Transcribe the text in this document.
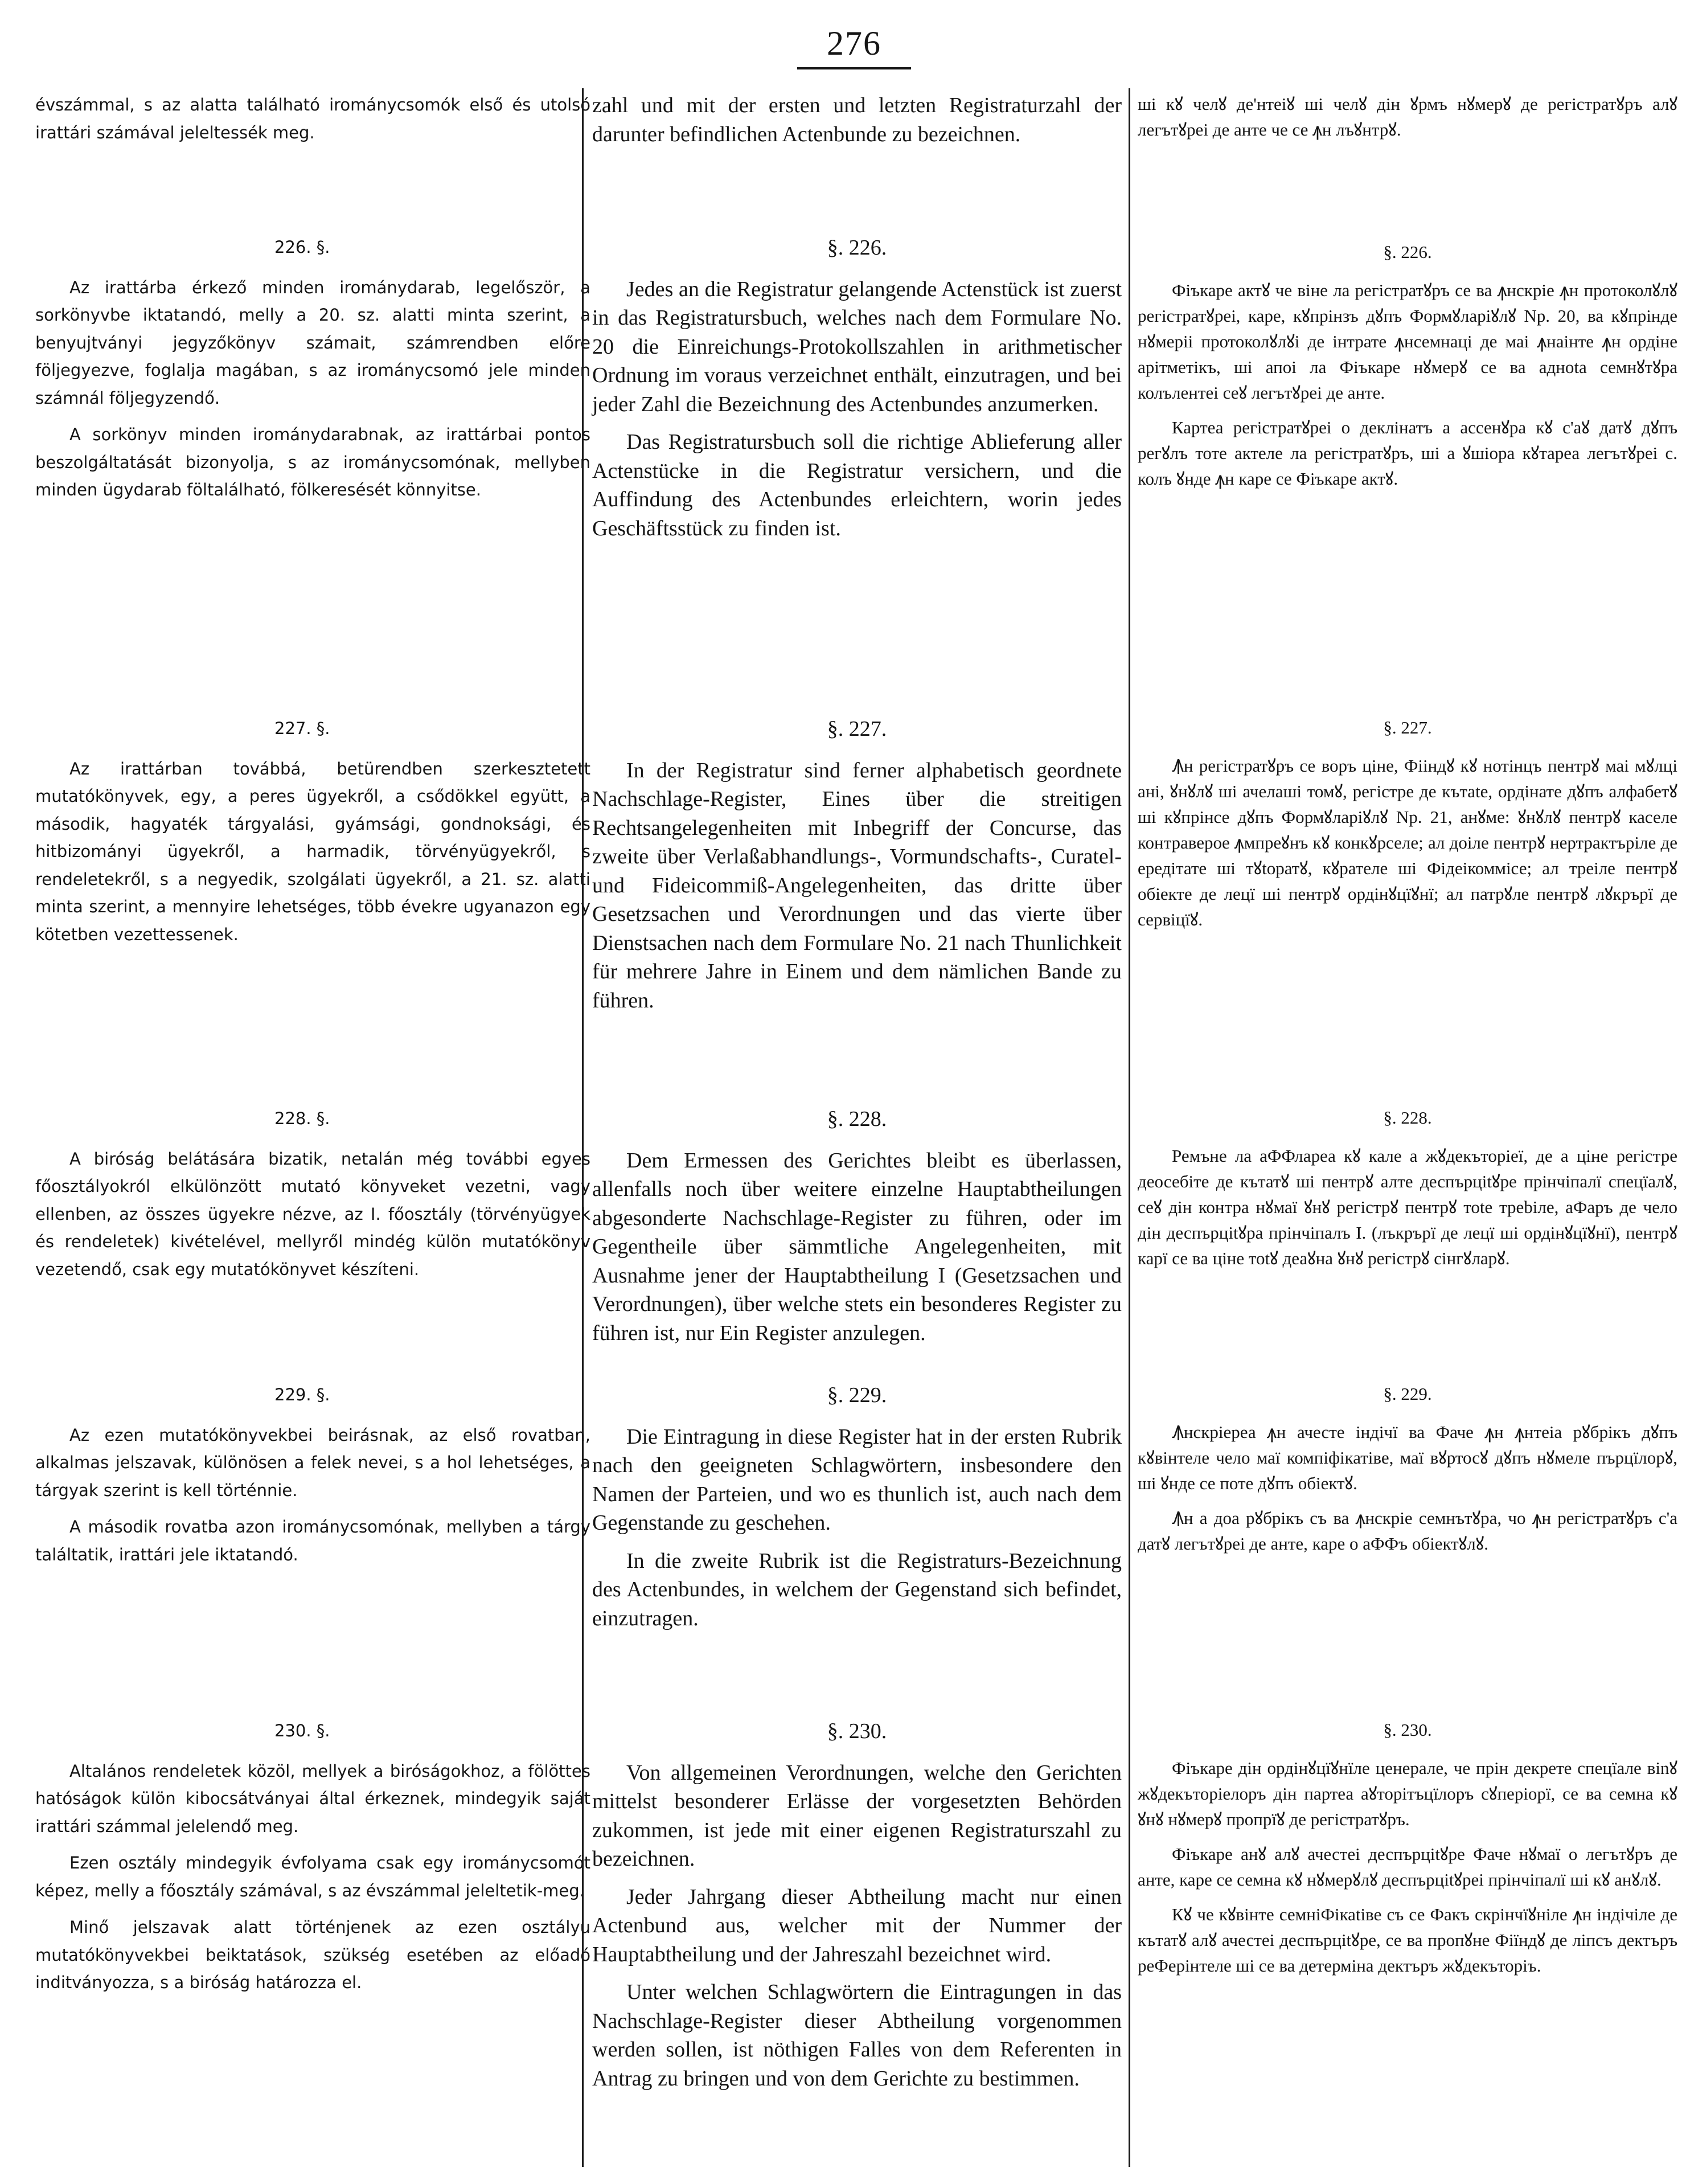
276

évszámmal, s az alatta található irománycsomók első és utolsó irattári számával jeleltessék meg.

226. §.

Az irattárba érkező minden irománydarab, legelőször, a sorkönyvbe iktatandó, melly a 20. sz. alatti minta szerint, a benyujtványi jegyzőkönyv számait, számrendben előre följegyezve, foglalja magában, s az irománycsomó jele minden számnál följegyzendő.

A sorkönyv minden irománydarabnak, az irattárbai pontos beszolgáltatását bizonyolja, s az irománycsomónak, mellyben minden ügydarab föltalálható, fölkeresését könnyitse.

227. §.

Az irattárban továbbá, betürendben szerkesztetett mutatókönyvek, egy, a peres ügyekről, a csődökkel együtt, a második, hagyaték tárgyalási, gyámsági, gondnoksági, és hitbizományi ügyekről, a harmadik, törvényügyekről, s rendeletekről, s a negyedik, szolgálati ügyekről, a 21. sz. alatti minta szerint, a mennyire lehetséges, több évekre ugyanazon egy kötetben vezettessenek.

228. §.

A biróság belátására bizatik, netalán még további egyes főosztályokról elkülönzött mutató könyveket vezetni, vagy ellenben, az összes ügyekre nézve, az I. főosztály (törvényügyek és rendeletek) kivételével, mellyről mindég külön mutatókönyv vezetendő, csak egy mutatókönyvet készíteni.

229. §.

Az ezen mutatókönyvekbei beirásnak, az első rovatban, alkalmas jelszavak, különösen a felek nevei, s a hol lehetséges, a tárgyak szerint is kell történnie.

A második rovatba azon irománycsomónak, mellyben a tárgy találtatik, irattári jele iktatandó.

230. §.

Altalános rendeletek közöl, mellyek a biróságokhoz, a fölöttes hatóságok külön kibocsátványai által érkeznek, mindegyik saját irattári számmal jelelendő meg.

Ezen osztály mindegyik évfolyama csak egy irománycsomót képez, melly a főosztály számával, s az évszámmal jeleltetik-meg.

Minő jelszavak alatt történjenek az ezen osztályu mutatókönyvekbei beiktatások, szükség esetében az előadó inditványozza, s a biróság határozza el.

zahl und mit der ersten und letzten Registraturzahl der darunter befindlichen Actenbunde zu bezeichnen.

§. 226.

Jedes an die Registratur gelangende Actenstück ist zuerst in das Registratursbuch, welches nach dem Formulare No. 20 die Einreichungs-Protokollszahlen in arithmetischer Ordnung im voraus verzeichnet enthält, einzutragen, und bei jeder Zahl die Bezeichnung des Actenbundes anzumerken.

Das Registratursbuch soll die richtige Ablieferung aller Actenstücke in die Registratur versichern, und die Auffindung des Actenbundes erleichtern, worin jedes Geschäftsstück zu finden ist.

§. 227.

In der Registratur sind ferner alphabetisch geordnete Nachschlage-Register, Eines über die streitigen Rechtsangelegenheiten mit Inbegriff der Concurse, das zweite über Verlaßabhandlungs-, Vormundschafts-, Curatel- und Fideicommiß-Angelegenheiten, das dritte über Gesetzsachen und Verordnungen und das vierte über Dienstsachen nach dem Formulare No. 21 nach Thunlichkeit für mehrere Jahre in Einem und dem nämlichen Bande zu führen.

§. 228.

Dem Ermessen des Gerichtes bleibt es überlassen, allenfalls noch über weitere einzelne Hauptabtheilungen abgesonderte Nachschlage-Register zu führen, oder im Gegentheile über sämmtliche Angelegenheiten, mit Ausnahme jener der Hauptabtheilung I (Gesetzsachen und Verordnungen), über welche stets ein besonderes Register zu führen ist, nur Ein Register anzulegen.

§. 229.

Die Eintragung in diese Register hat in der ersten Rubrik nach den geeigneten Schlagwörtern, insbesondere den Namen der Parteien, und wo es thunlich ist, auch nach dem Gegenstande zu geschehen.

In die zweite Rubrik ist die Registraturs-Bezeichnung des Actenbundes, in welchem der Gegenstand sich befindet, einzutragen.

§. 230.

Von allgemeinen Verordnungen, welche den Gerichten mittelst besonderer Erlässe der vorgesetzten Behörden zukommen, ist jede mit einer eigenen Registraturszahl zu bezeichnen.

Jeder Jahrgang dieser Abtheilung macht nur einen Actenbund aus, welcher mit der Nummer der Hauptabtheilung und der Jahreszahl bezeichnet wird.

Unter welchen Schlagwörtern die Eintragungen in das Nachschlage-Register dieser Abtheilung vorgenommen werden sollen, ist nöthigen Falles von dem Referenten in Antrag zu bringen und von dem Gerichte zu bestimmen.

ші кꙋ челꙋ де'нтеіꙋ ші челꙋ дін ꙋрмъ нꙋмерꙋ де регістратꙋръ алꙋ легътꙋреі де анте че се ꙟн лъꙋнтрꙋ.

§. 226.

Фіъкаре актꙋ че віне ла регістратꙋръ се ва ꙟнскріе ꙟн протоколꙋлꙋ регістратꙋреі, каре, кꙋпрінзъ дꙋпъ Формꙋларіꙋлꙋ Nр. 20, ва кꙋпрінде нꙋмеріі протоколꙋлꙋі де інтрате ꙟнсемнаці де маі ꙟнаінте ꙟн ордіне арітметікъ, ші апоі ла Фіъкаре нꙋмерꙋ се ва адноtа семнꙋтꙋра колълентеі сеꙋ легътꙋреі де анте.

Картеа регістратꙋреі о деклінатъ а ассенꙋра кꙋ с'аꙋ датꙋ дꙋпъ регꙋлъ тоте актеле ла регістратꙋръ, ші а ꙋшіора кꙋтареа легътꙋреі с. колъ ꙋнде ꙟн каре се Фіъкаре актꙋ.

§. 227.

Ꙟн регістратꙋръ се воръ ціне, Фііндꙋ кꙋ нотінцъ пентрꙋ маі мꙋлці ані, ꙋнꙋлꙋ ші ачелаші томꙋ, регістре де кътаtе, ордінате дꙋпъ алфабетꙋ ші кꙋпрінсе дꙋпъ Формꙋларіꙋлꙋ Nр. 21, анꙋме: ꙋнꙋлꙋ пентрꙋ каселе контравероe ꙟмпреꙋнъ кꙋ конкꙋрселе; ал доіле пентрꙋ нертрактъріле де ередітате ші тꙋtоратꙋ, кꙋрателе ші Фідеікоммісе; ал треіле пентрꙋ обіектe де лецї ші пентрꙋ ордінꙋцїꙋнї; ал патрꙋле пентрꙋ лꙋкрърї де сервіцїꙋ.

§. 228.

Ремъне ла аФФлареа кꙋ кале а жꙋдекъторіеї, де а ціне регістре деосебіте де кътатꙋ ші пентрꙋ алте деспърціtꙋре прінчіпалї спецїалꙋ, сеꙋ дін контра нꙋмаї ꙋнꙋ регістрꙋ пентрꙋ тоtе треbіле, аФаръ де чело дін деспърціtꙋра прінчіпалъ I. (лъкрърї де лецї ші ордінꙋцїꙋнї), пентрꙋ карї се ва ціне тоtꙋ деаꙋна ꙋнꙋ регістрꙋ сінгꙋларꙋ.

§. 229.

Ꙟнскріереа ꙟн ачесте індічї ва Фаче ꙟн ꙟнтеіа рꙋбрікъ дꙋпъ кꙋвінтеле чело маї компіфікатіве, маї вꙋртосꙋ дꙋпъ нꙋмеле пърцїлорꙋ, ші ꙋнде се поте дꙋпъ обіектꙋ.

Ꙟн а доа рꙋбрікъ съ ва ꙟнскріе семнътꙋра, чо ꙟн регістратꙋръ с'а датꙋ легътꙋреі де анте, каре о аФФъ обіектꙋлꙋ.

§. 230.

Фіъкаре дін ордінꙋцїꙋнїле ценерале, че прін декрете спецїале віnꙋ жꙋдекъторіелоръ дін партеа аꙋторітъцїлоръ сꙋперіорї, се ва семна кꙋ ꙋнꙋ нꙋмерꙋ пропрїꙋ де регістратꙋръ.

Фіъкаре анꙋ алꙋ ачестеі деспърціtꙋре Фаче нꙋмаї о легътꙋръ де анте, каре се семна кꙋ нꙋмерꙋлꙋ деспърціtꙋреі прінчіпалї ші кꙋ анꙋлꙋ.

Кꙋ че кꙋвінте семніФікаtіве съ се Факъ скрінчїꙋніле ꙟн індічіле де кътатꙋ алꙋ ачестеі деспърціtꙋре, се ва пропꙋне Фіїндꙋ де ліпсъ дектъръ реФерінтеле ші се ва детерміна дектъръ жꙋдекъторіъ.
